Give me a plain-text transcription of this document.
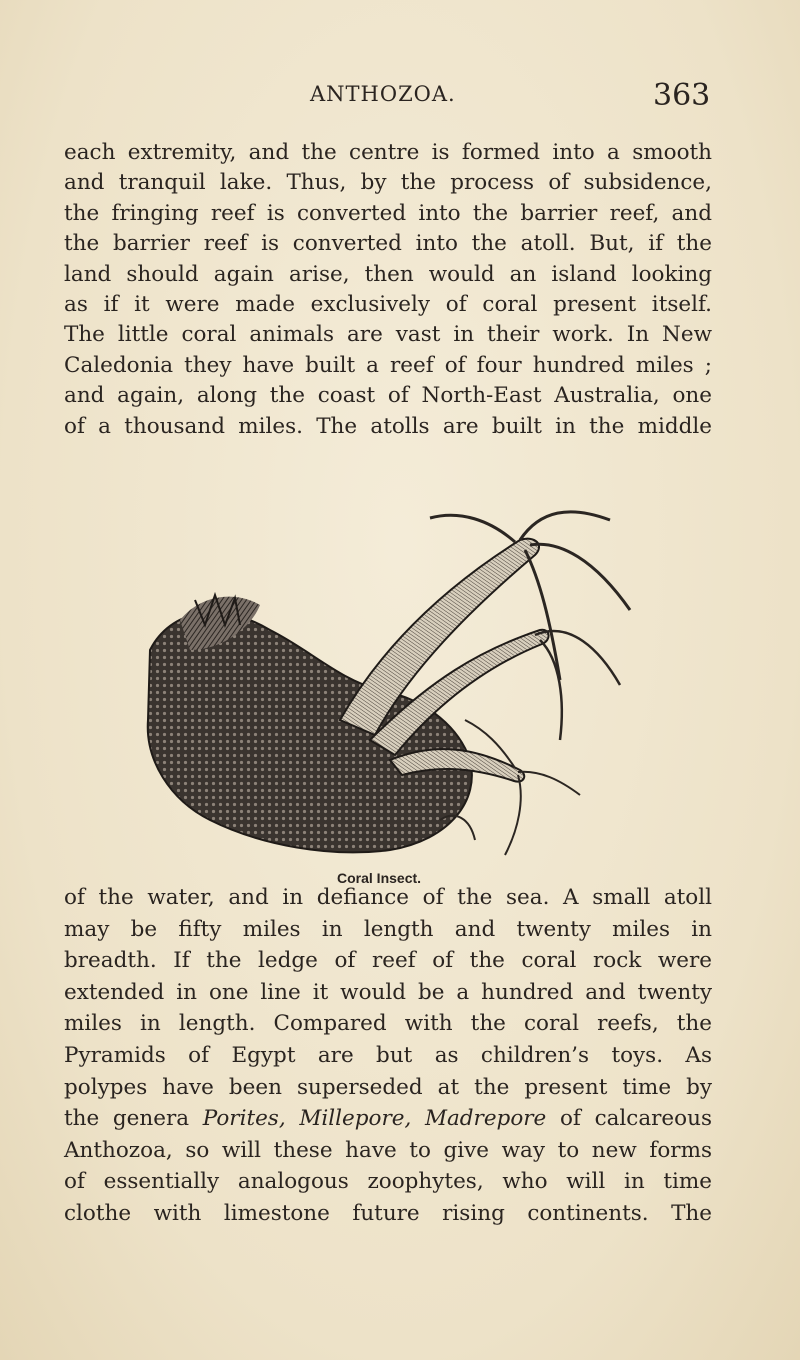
ANTHOZOA.	363
each extremity, and the centre is formed into a smooth
and tranquil lake. Thus, by the process of subsidence,
the fringing reef is converted into the barrier reef, and
the barrier reef is converted into the atoll. But, if the
land should again arise, then would an island looking
as if it were made exclusively of coral present itself.
The little coral animals are vast in their work. In New
Caledonia they have built a reef of four hundred miles ;
and again, along the coast of North-East Australia, one
of a thousand miles. The atolls are built in the middle
Coral Insect.
of the water, and in defiance of the sea. A small atoll
may be fifty miles in length and twenty miles in
breadth. If the ledge of reef of the coral rock were
extended in one line it would be a hundred and twenty
miles in length. Compared with the coral reefs, the
Pyramids of Egypt are but as children’s toys. As
polypes have been superseded at the present time by
the genera Porites, Millepore, Madrepore of calcareous
Anthozoa, so will these have to give way to new forms
of essentially analogous zoophytes, who will in time
clothe with limestone future rising continents. The
